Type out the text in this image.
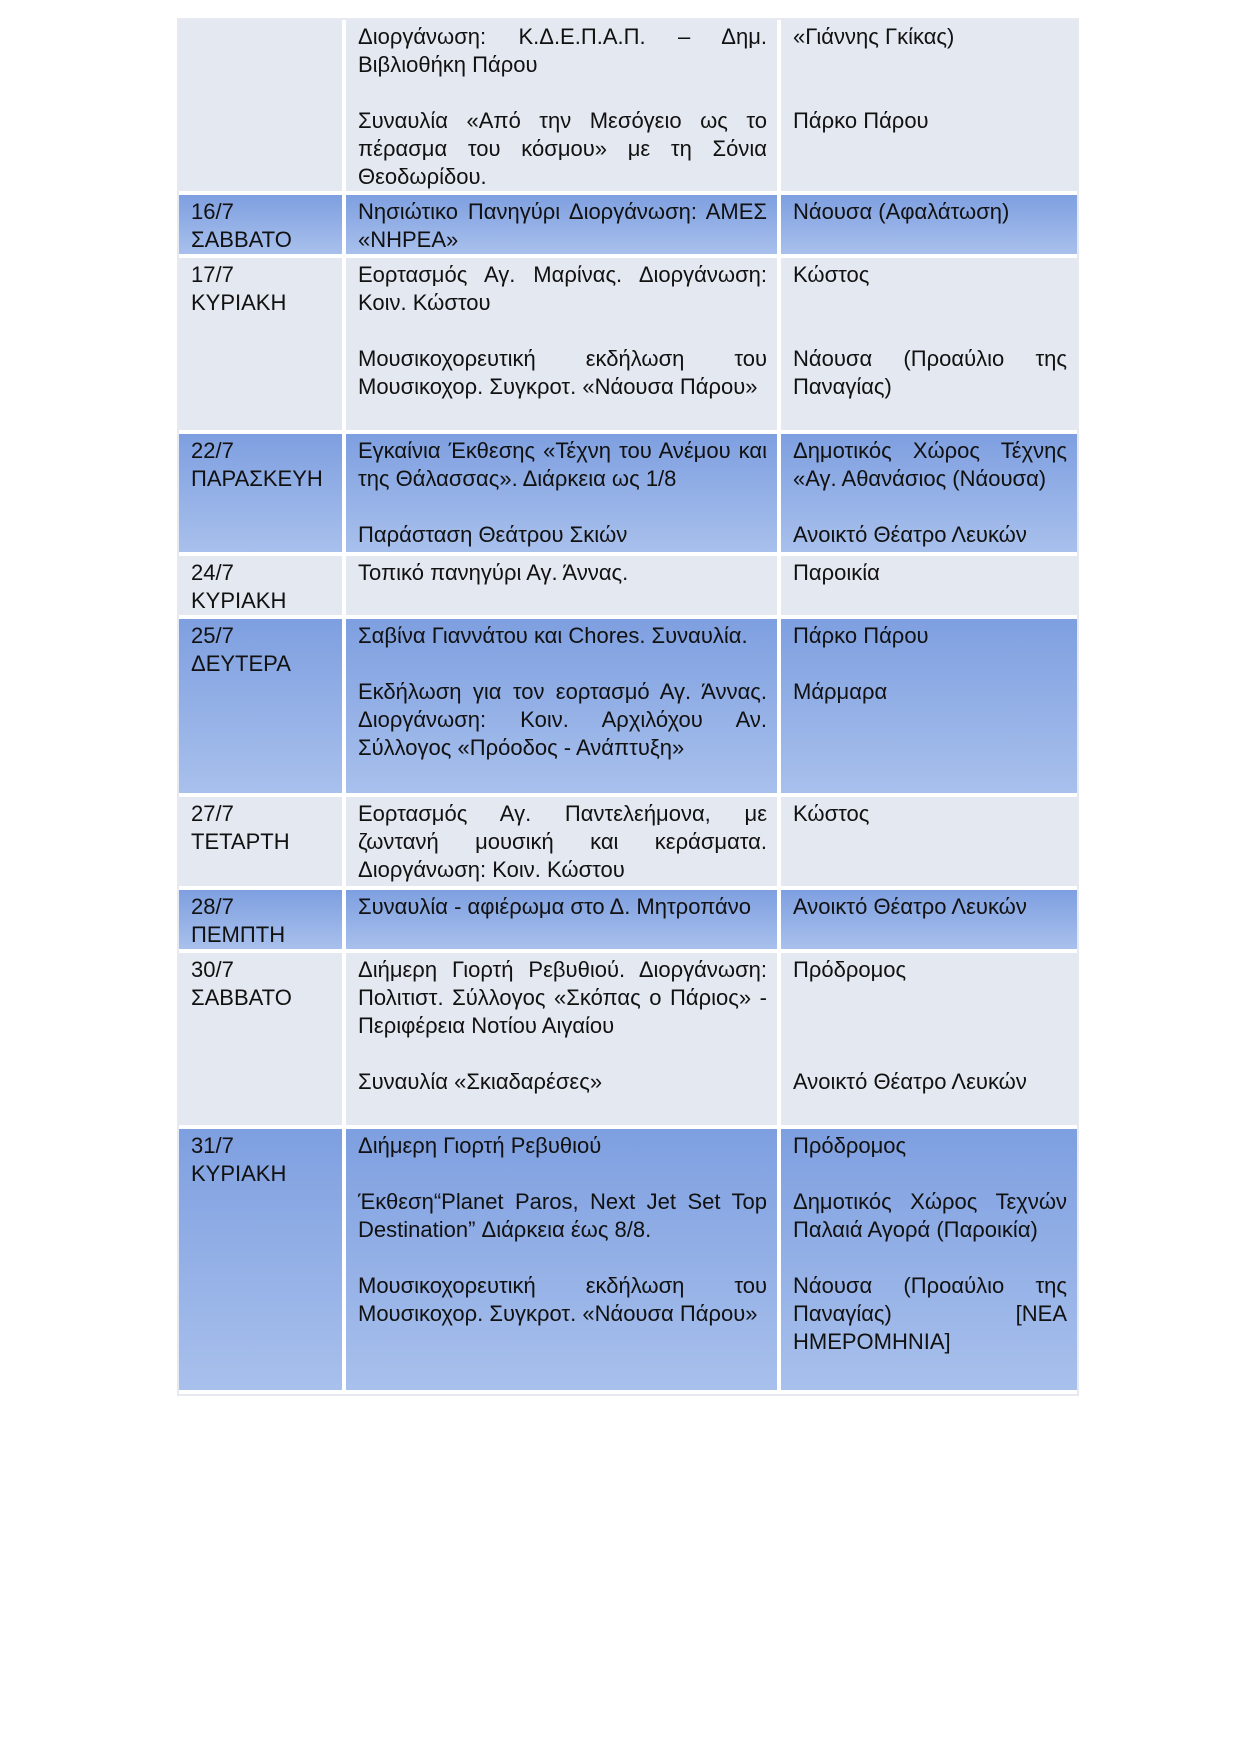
Διοργάνωση: Κ.Δ.Ε.Π.Α.Π. – Δημ. Βιβλιοθήκη Πάρου
Συναυλία «Από την Μεσόγειο ως το πέρασμα του κόσμου» με τη Σόνια Θεοδωρίδου.
«Γιάννης Γκίκας)
Πάρκο Πάρου
16/7
ΣΑΒΒΑΤΟ
Νησιώτικο Πανηγύρι Διοργάνωση: ΑΜΕΣ «ΝΗΡΕΑ»
Νάουσα (Αφαλάτωση)
17/7
ΚΥΡΙΑΚΗ
Εορτασμός Αγ. Μαρίνας. Διοργάνωση: Κοιν. Κώστου
Μουσικοχορευτική εκδήλωση του Μουσικοχορ. Συγκροτ. «Νάουσα Πάρου»
Κώστος
Νάουσα (Προαύλιο της Παναγίας)
22/7
ΠΑΡΑΣΚΕΥΗ
Εγκαίνια Έκθεσης «Τέχνη του Ανέμου και της Θάλασσας». Διάρκεια ως 1/8
Παράσταση Θεάτρου Σκιών
Δημοτικός Χώρος Τέχνης «Αγ. Αθανάσιος (Νάουσα)
Ανοικτό Θέατρο Λευκών
24/7
ΚΥΡΙΑΚΗ
Τοπικό πανηγύρι Αγ. Άννας.	Παροικία
25/7
ΔΕΥΤΕΡΑ
Σαβίνα Γιαννάτου και Chores. Συναυλία.
Εκδήλωση για τον εορτασμό Αγ. Άννας. Διοργάνωση: Κοιν. Αρχιλόχου Αν. Σύλλογος «Πρόοδος - Ανάπτυξη»
Πάρκο Πάρου
Μάρμαρα
27/7
ΤΕΤΑΡΤΗ
Εορτασμός Αγ. Παντελεήμονα, με ζωντανή μουσική και κεράσματα. Διοργάνωση: Κοιν. Κώστου
Κώστος
28/7
ΠΕΜΠΤΗ
Συναυλία - αφιέρωμα στο Δ. Μητροπάνο	Ανοικτό Θέατρο Λευκών
30/7
ΣΑΒΒΑΤΟ
Διήμερη Γιορτή Ρεβυθιού. Διοργάνωση: Πολιτιστ. Σύλλογος «Σκόπας ο Πάριος» - Περιφέρεια Νοτίου Αιγαίου
Συναυλία «Σκιαδαρέσες»
Πρόδρομος
Ανοικτό Θέατρο Λευκών
31/7
ΚΥΡΙΑΚΗ
Διήμερη Γιορτή Ρεβυθιού
Έκθεση“Planet Paros, Next Jet Set Top Destination” Διάρκεια έως 8/8.
Μουσικοχορευτική εκδήλωση του Μουσικοχορ. Συγκροτ. «Νάουσα Πάρου»
Πρόδρομος
Δημοτικός Χώρος Τεχνών Παλαιά Αγορά (Παροικία)
Νάουσα (Προαύλιο της Παναγίας) [ΝΕΑ ΗΜΕΡΟΜΗΝΙΑ]
